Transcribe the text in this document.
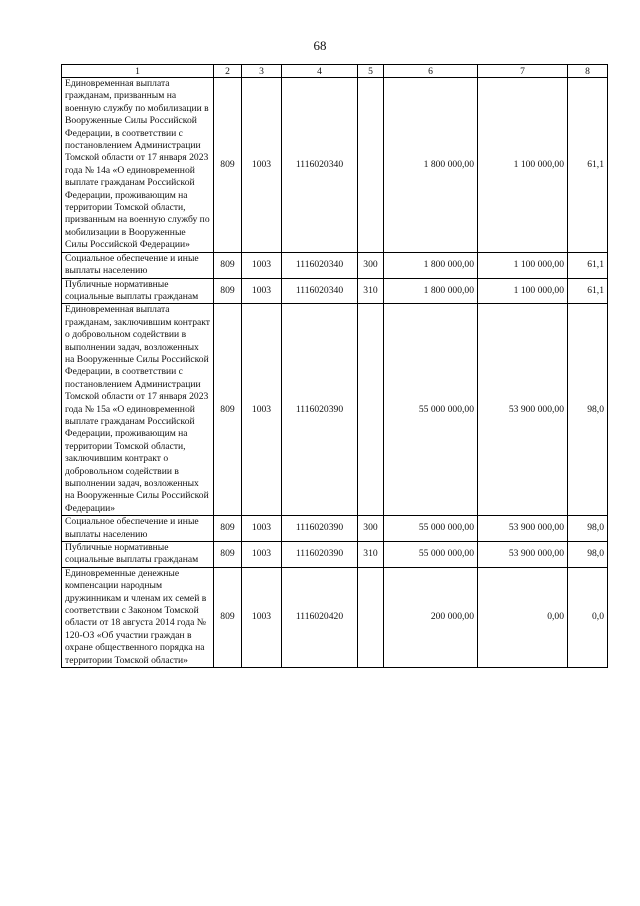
68
1	2	3	4	5	6	7	8
Единовременная выплата гражданам, призванным на военную службу по мобилизации в Вооруженные Силы Российской Федерации, в соответствии с постановлением Администрации Томской области от 17 января 2023 года № 14а «О единовременной выплате гражданам Российской Федерации, проживающим на территории Томской области, призванным на военную службу по мобилизации в Вооруженные Силы Российской Федерации»	809	1003	1116020340		1 800 000,00	1 100 000,00	61,1
Социальное обеспечение и иные выплаты населению	809	1003	1116020340	300	1 800 000,00	1 100 000,00	61,1
Публичные нормативные социальные выплаты гражданам	809	1003	1116020340	310	1 800 000,00	1 100 000,00	61,1
Единовременная выплата гражданам, заключившим контракт о добровольном содействии в выполнении задач, возложенных на Вооруженные Силы Российской Федерации, в соответствии с постановлением Администрации Томской области от 17 января 2023 года № 15а «О единовременной выплате гражданам Российской Федерации, проживающим на территории Томской области, заключившим контракт о добровольном содействии в выполнении задач, возложенных на Вооруженные Силы Российской Федерации»	809	1003	1116020390		55 000 000,00	53 900 000,00	98,0
Социальное обеспечение и иные выплаты населению	809	1003	1116020390	300	55 000 000,00	53 900 000,00	98,0
Публичные нормативные социальные выплаты гражданам	809	1003	1116020390	310	55 000 000,00	53 900 000,00	98,0
Единовременные денежные компенсации народным дружинникам и членам их семей в соответствии с Законом Томской области от 18 августа 2014 года № 120-ОЗ «Об участии граждан в охране общественного порядка на территории Томской области»	809	1003	1116020420		200 000,00	0,00	0,0
